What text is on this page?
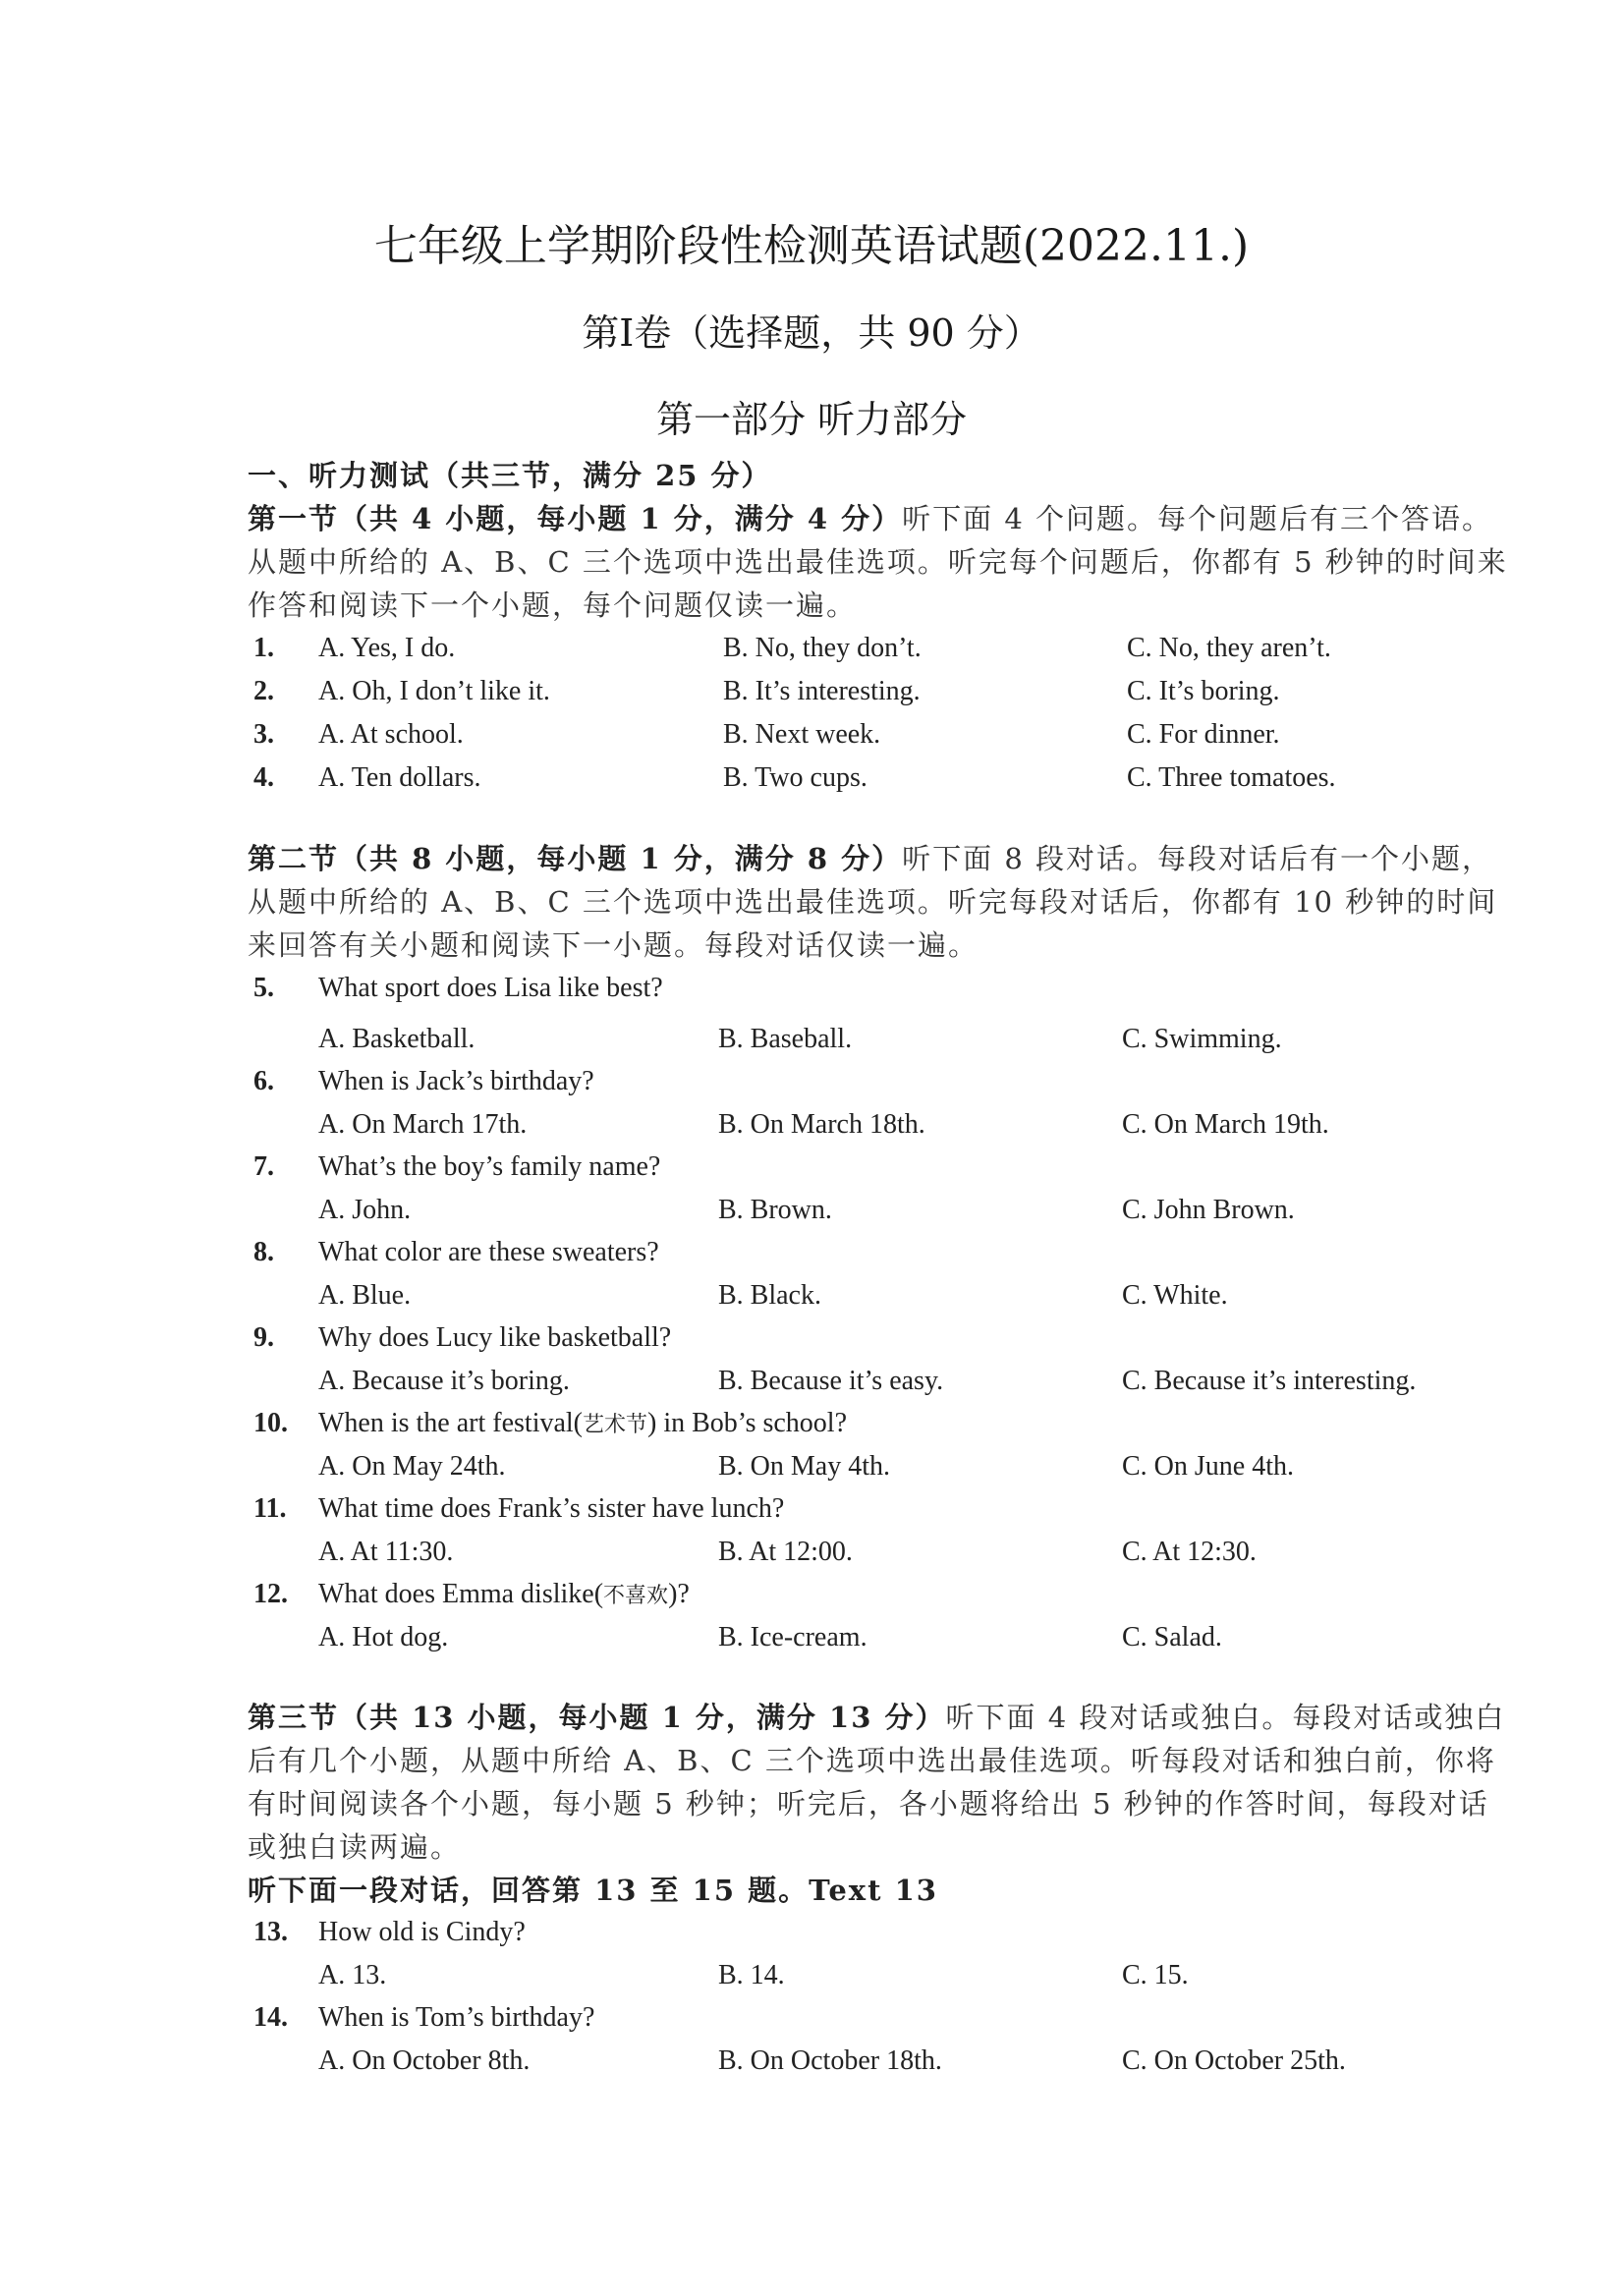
七年级上学期阶段性检测英语试题(2022.11.)
第Ⅰ卷（选择题，共 90 分）
第一部分 听力部分
一、听力测试（共三节，满分 25 分）
第一节（共 4 小题，每小题 1 分，满分 4 分）听下面 4 个问题。每个问题后有三个答语。
从题中所给的 A、B、C 三个选项中选出最佳选项。听完每个问题后，你都有 5 秒钟的时间来
作答和阅读下一个小题，每个问题仅读一遍。
1. A. Yes, I do.	B. No, they don’t.	C. No, they aren’t.
2. A. Oh, I don’t like it.	B. It’s interesting.	C. It’s boring.
3. A. At school.	B. Next week.	C. For dinner.
4. A. Ten dollars.	B. Two cups.	C. Three tomatoes.
第二节（共 8 小题，每小题 1 分，满分 8 分）听下面 8 段对话。每段对话后有一个小题，
从题中所给的 A、B、C 三个选项中选出最佳选项。听完每段对话后，你都有 10 秒钟的时间
来回答有关小题和阅读下一小题。每段对话仅读一遍。
5. What sport does Lisa like best?
A. Basketball.	B. Baseball.	C. Swimming.
6. When is Jack’s birthday?
A. On March 17th.	B. On March 18th.	C. On March 19th.
7. What’s the boy’s family name?
A. John.	B. Brown.	C. John Brown.
8. What color are these sweaters?
A. Blue.	B. Black.	C. White.
9. Why does Lucy like basketball?
A. Because it’s boring.	B. Because it’s easy.	C. Because it’s interesting.
10. When is the art festival(艺术节) in Bob’s school?
A. On May 24th.	B. On May 4th.	C. On June 4th.
11. What time does Frank’s sister have lunch?
A. At 11:30.	B. At 12:00.	C. At 12:30.
12. What does Emma dislike(不喜欢)?
A. Hot dog.	B. Ice-cream.	C. Salad.
第三节（共 13 小题，每小题 1 分，满分 13 分）听下面 4 段对话或独白。每段对话或独白
后有几个小题，从题中所给 A、B、C 三个选项中选出最佳选项。听每段对话和独白前，你将
有时间阅读各个小题，每小题 5 秒钟；听完后，各小题将给出 5 秒钟的作答时间，每段对话
或独白读两遍。
听下面一段对话，回答第 13 至 15 题。Text 13
13. How old is Cindy?
A. 13.	B. 14.	C. 15.
14. When is Tom’s birthday?
A. On October 8th.	B. On October 18th.	C. On October 25th.
